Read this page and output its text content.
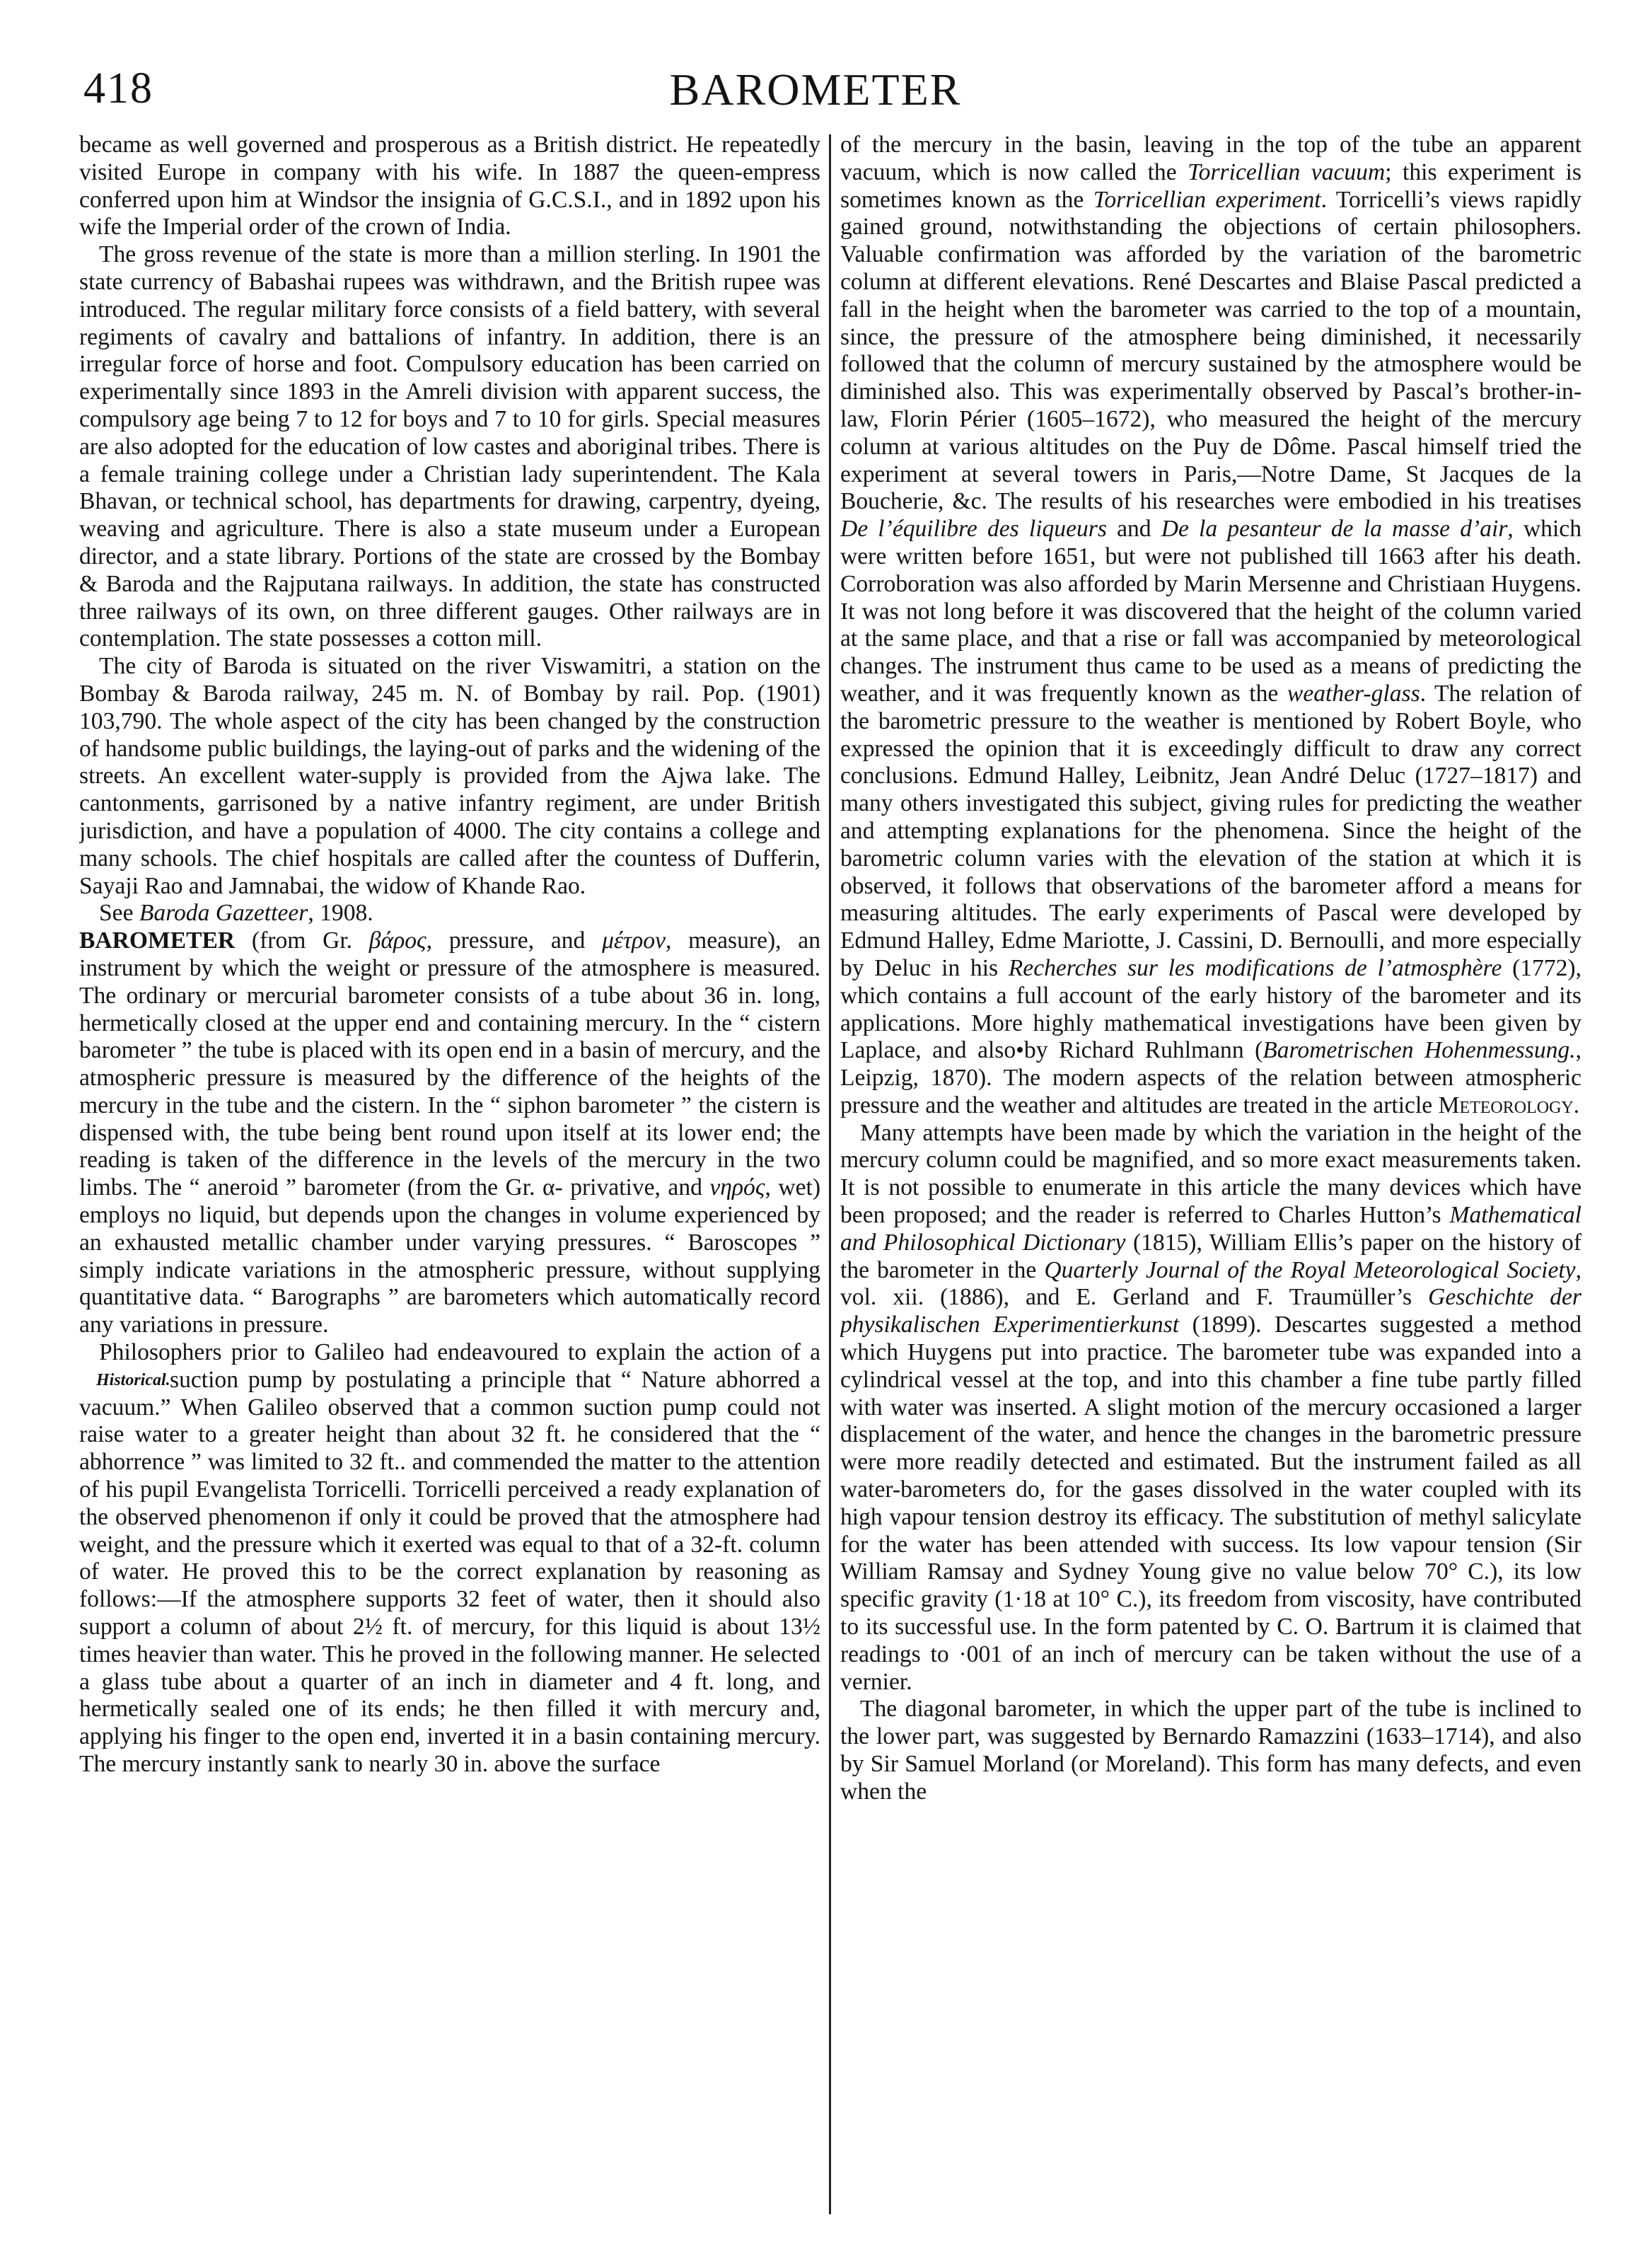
418	BAROMETER

became as well governed and prosperous as a British district. He repeatedly visited Europe in company with his wife. In 1887 the queen-empress conferred upon him at Windsor the insignia of G.C.S.I., and in 1892 upon his wife the Imperial order of the crown of India.

The gross revenue of the state is more than a million sterling. In 1901 the state currency of Babashai rupees was withdrawn, and the British rupee was introduced. The regular military force consists of a field battery, with several regiments of cavalry and battalions of infantry. In addition, there is an irregular force of horse and foot. Compulsory education has been carried on experimentally since 1893 in the Amreli division with apparent success, the compulsory age being 7 to 12 for boys and 7 to 10 for girls. Special measures are also adopted for the education of low castes and aboriginal tribes. There is a female training college under a Christian lady superintendent. The Kala Bhavan, or technical school, has departments for drawing, carpentry, dyeing, weaving and agriculture. There is also a state museum under a European director, and a state library. Portions of the state are crossed by the Bombay & Baroda and the Rajputana railways. In addition, the state has constructed three railways of its own, on three different gauges. Other railways are in contemplation. The state possesses a cotton mill.

The city of Baroda is situated on the river Viswamitri, a station on the Bombay & Baroda railway, 245 m. N. of Bombay by rail. Pop. (1901) 103,790. The whole aspect of the city has been changed by the construction of handsome public buildings, the laying-out of parks and the widening of the streets. An excellent water-supply is provided from the Ajwa lake. The cantonments, garrisoned by a native infantry regiment, are under British jurisdiction, and have a population of 4000. The city contains a college and many schools. The chief hospitals are called after the countess of Dufferin, Sayaji Rao and Jamnabai, the widow of Khande Rao.

See Baroda Gazetteer, 1908.

BAROMETER (from Gr. βάρος, pressure, and μέτρον, measure), an instrument by which the weight or pressure of the atmosphere is measured. The ordinary or mercurial barometer consists of a tube about 36 in. long, hermetically closed at the upper end and containing mercury. In the “ cistern barometer ” the tube is placed with its open end in a basin of mercury, and the atmospheric pressure is measured by the difference of the heights of the mercury in the tube and the cistern. In the “ siphon barometer ” the cistern is dispensed with, the tube being bent round upon itself at its lower end; the reading is taken of the difference in the levels of the mercury in the two limbs. The “ aneroid ” barometer (from the Gr. α- privative, and νηρός, wet) employs no liquid, but depends upon the changes in volume experienced by an exhausted metallic chamber under varying pressures. “ Baroscopes ” simply indicate variations in the atmospheric pressure, without supplying quantitative data. “ Barographs ” are barometers which automatically record any variations in pressure.

Philosophers prior to Galileo had endeavoured to explain the action of a suction pump by postulating a principle that “ Nature
Historical.	abhorred a vacuum.” When Galileo observed that a common suction pump could not raise water to a greater height than about 32 ft. he considered that the “ abhorrence ” was limited to 32 ft.. and commended the matter to the attention of his pupil Evangelista Torricelli. Torricelli perceived a ready explanation of the observed phenomenon if only it could be proved that the atmosphere had weight, and the pressure which it exerted was equal to that of a 32-ft. column of water. He proved this to be the correct explanation by reasoning as follows:—If the atmosphere supports 32 feet of water, then it should also support a column of about 2½ ft. of mercury, for this liquid is about 13½ times heavier than water. This he proved in the following manner. He selected a glass tube about a quarter of an inch in diameter and 4 ft. long, and hermetically sealed one of its ends; he then filled it with mercury and, applying his finger to the open end, inverted it in a basin containing mercury. The mercury instantly sank to nearly 30 in. above the surface

of the mercury in the basin, leaving in the top of the tube an apparent vacuum, which is now called the Torricellian vacuum; this experiment is sometimes known as the Torricellian experiment. Torricelli’s views rapidly gained ground, notwithstanding the objections of certain philosophers. Valuable confirmation was afforded by the variation of the barometric column at different elevations. René Descartes and Blaise Pascal predicted a fall in the height when the barometer was carried to the top of a mountain, since, the pressure of the atmosphere being diminished, it necessarily followed that the column of mercury sustained by the atmosphere would be diminished also. This was experimentally observed by Pascal’s brother-in-law, Florin Périer (1605–1672), who measured the height of the mercury column at various altitudes on the Puy de Dôme. Pascal himself tried the experiment at several towers in Paris,—Notre Dame, St Jacques de la Boucherie, &c. The results of his researches were embodied in his treatises De l’équilibre des liqueurs and De la pesanteur de la masse d’air, which were written before 1651, but were not published till 1663 after his death. Corroboration was also afforded by Marin Mersenne and Christiaan Huygens. It was not long before it was discovered that the height of the column varied at the same place, and that a rise or fall was accompanied by meteorological changes. The instrument thus came to be used as a means of predicting the weather, and it was frequently known as the weather-glass. The relation of the barometric pressure to the weather is mentioned by Robert Boyle, who expressed the opinion that it is exceedingly difficult to draw any correct conclusions. Edmund Halley, Leibnitz, Jean André Deluc (1727–1817) and many others investigated this subject, giving rules for predicting the weather and attempting explanations for the phenomena. Since the height of the barometric column varies with the elevation of the station at which it is observed, it follows that observations of the barometer afford a means for measuring altitudes. The early experiments of Pascal were developed by Edmund Halley, Edme Mariotte, J. Cassini, D. Bernoulli, and more especially by Deluc in his Recherches sur les modifications de l’atmosphère (1772), which contains a full account of the early history of the barometer and its applications. More highly mathematical investigations have been given by Laplace, and also•by Richard Ruhlmann (Barometrischen Hohenmessung., Leipzig, 1870). The modern aspects of the relation between atmospheric pressure and the weather and altitudes are treated in the article Meteorology.

Many attempts have been made by which the variation in the height of the mercury column could be magnified, and so more exact measurements taken. It is not possible to enumerate in this article the many devices which have been proposed; and the reader is referred to Charles Hutton’s Mathematical and Philosophical Dictionary (1815), William Ellis’s paper on the history of the barometer in the Quarterly Journal of the Royal Meteorological Society, vol. xii. (1886), and E. Gerland and F. Traumüller’s Geschichte der physikalischen Experimentierkunst (1899). Descartes suggested a method which Huygens put into practice. The barometer tube was expanded into a cylindrical vessel at the top, and into this chamber a fine tube partly filled with water was inserted. A slight motion of the mercury occasioned a larger displacement of the water, and hence the changes in the barometric pressure were more readily detected and estimated. But the instrument failed as all water-barometers do, for the gases dissolved in the water coupled with its high vapour tension destroy its efficacy. The substitution of methyl salicylate for the water has been attended with success. Its low vapour tension (Sir William Ramsay and Sydney Young give no value below 70° C.), its low specific gravity (1·18 at 10° C.), its freedom from viscosity, have contributed to its successful use. In the form patented by C. O. Bartrum it is claimed that readings to ·001 of an inch of mercury can be taken without the use of a vernier.

The diagonal barometer, in which the upper part of the tube is inclined to the lower part, was suggested by Bernardo Ramazzini (1633–1714), and also by Sir Samuel Morland (or Moreland). This form has many defects, and even when the
